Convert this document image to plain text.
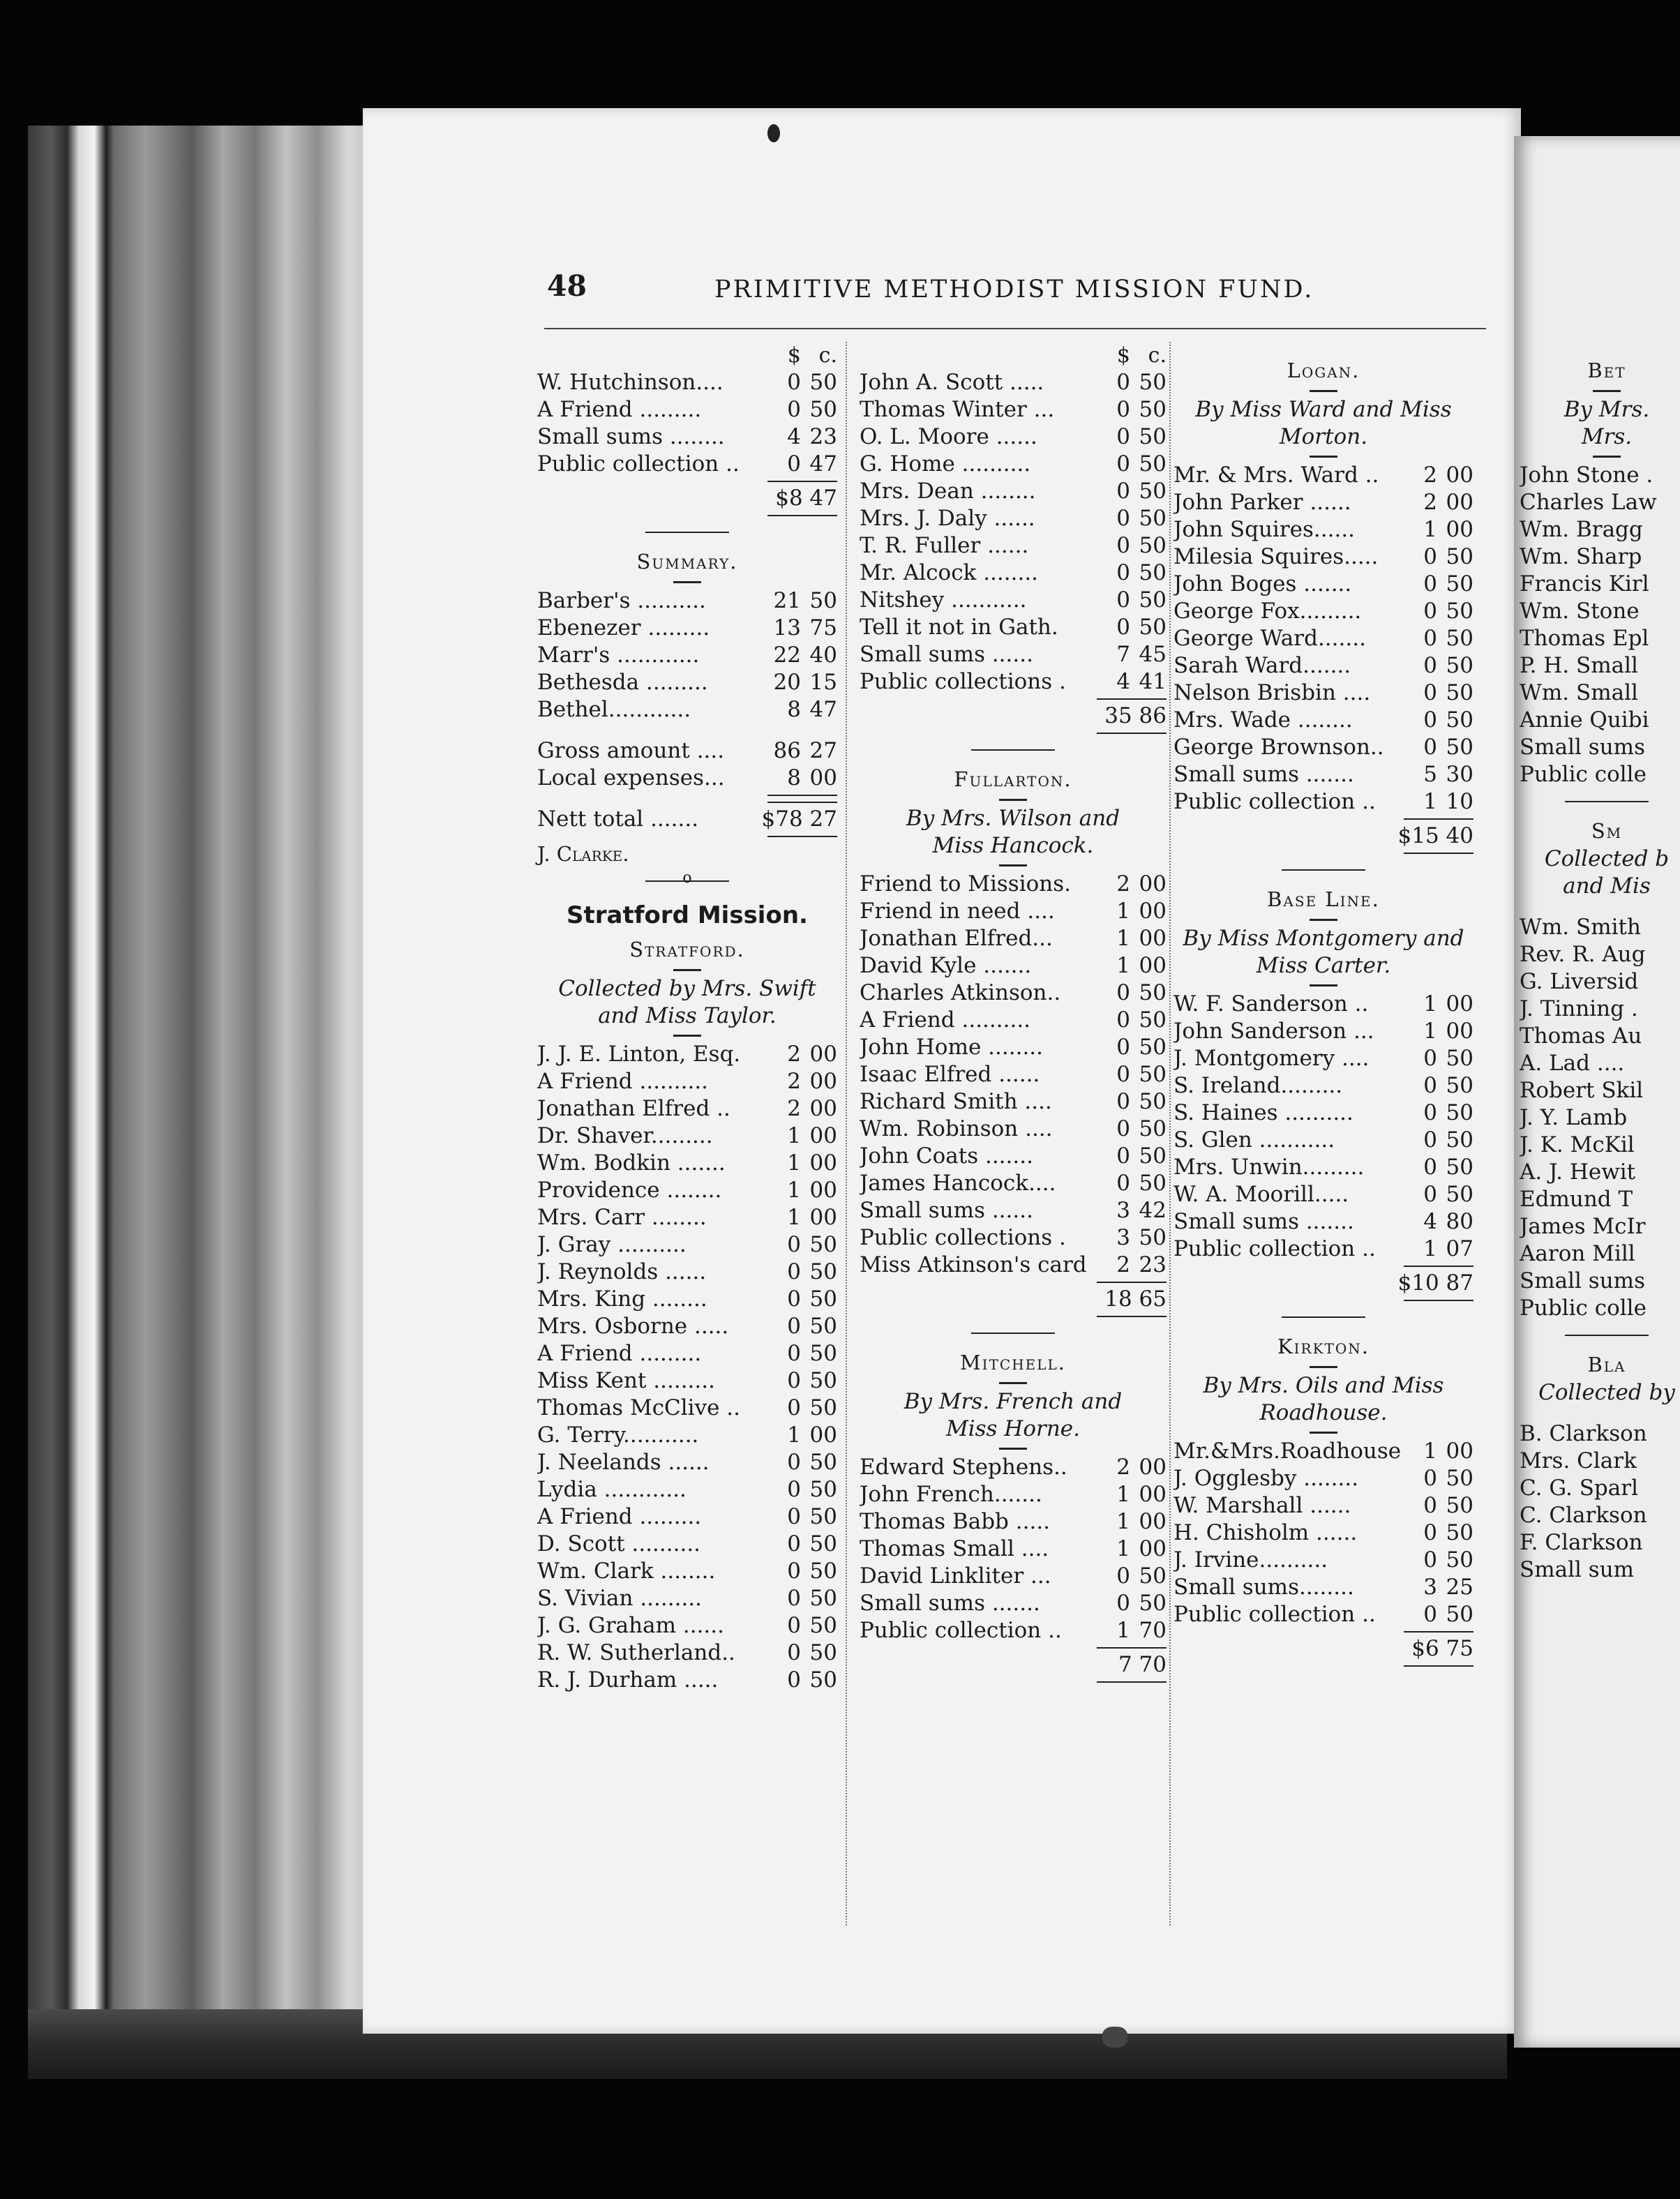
48	PRIMITIVE METHODIST MISSION FUND.
$ c.
W. Hutchinson....	0 50
A Friend .........	0 50
Small sums ........	4 23
Public collection ..	0 47
$8 47
Summary.
Barber's ..........	21 50
Ebenezer .........	13 75
Marr's ............	22 40
Bethesda .........	20 15
Bethel............	8 47
Gross amount .... 86 27
Local expenses...	8 00
Nett total .......	$78 27
J. Clarke.
o
Stratford Mission.
Stratford.
Collected by Mrs. Swift
and Miss Taylor.
J. J. E. Linton, Esq.	2 00
A Friend ..........	2 00
Jonathan Elfred ..	2 00
Dr. Shaver.........	1 00
Wm. Bodkin .......	1 00
Providence ........	1 00
Mrs. Carr ........	1 00
J. Gray ..........	0 50
J. Reynolds ......	0 50
Mrs. King ........	0 50
Mrs. Osborne .....	0 50
A Friend .........	0 50
Miss Kent .........	0 50
Thomas McClive ..	0 50
G. Terry...........	1 00
J. Neelands ......	0 50
Lydia ............	0 50
A Friend .........	0 50
D. Scott ..........	0 50
Wm. Clark ........	0 50
S. Vivian .........	0 50
J. G. Graham ......	0 50
R. W. Sutherland..	0 50
R. J. Durham .....	0 50
$ c.
John A. Scott .....	0 50
Thomas Winter ...	0 50
O. L. Moore ......	0 50
G. Home ..........	0 50
Mrs. Dean ........	0 50
Mrs. J. Daly ......	0 50
T. R. Fuller ......	0 50
Mr. Alcock ........	0 50
Nitshey ...........	0 50
Tell it not in Gath.	0 50
Small sums ......	7 45
Public collections .	4 41
35 86
Fullarton.
By Mrs. Wilson and
Miss Hancock.
Friend to Missions.	2 00
Friend in need ....	1 00
Jonathan Elfred...	1 00
David Kyle .......	1 00
Charles Atkinson..	0 50
A Friend ..........	0 50
John Home ........	0 50
Isaac Elfred ......	0 50
Richard Smith ....	0 50
Wm. Robinson ....	0 50
John Coats .......	0 50
James Hancock....	0 50
Small sums ......	3 42
Public collections .	3 50
Miss Atkinson's card	2 23
18 65
Mitchell.
By Mrs. French and
Miss Horne.
Edward Stephens..	2 00
John French.......	1 00
Thomas Babb .....	1 00
Thomas Small ....	1 00
David Linkliter ...	0 50
Small sums .......	0 50
Public collection ..	1 70
7 70
Logan.
By Miss Ward and Miss
Morton.
Mr. & Mrs. Ward ..	2 00
John Parker ......	2 00
John Squires......	1 00
Milesia Squires.....	0 50
John Boges .......	0 50
George Fox.........	0 50
George Ward.......	0 50
Sarah Ward.......	0 50
Nelson Brisbin ....	0 50
Mrs. Wade ........	0 50
George Brownson..	0 50
Small sums .......	5 30
Public collection ..	1 10
$15 40
Base Line.
By Miss Montgomery and
Miss Carter.
W. F. Sanderson ..	1 00
John Sanderson ...	1 00
J. Montgomery ....	0 50
S. Ireland.........	0 50
S. Haines ..........	0 50
S. Glen ...........	0 50
Mrs. Unwin.........	0 50
W. A. Moorill.....	0 50
Small sums .......	4 80
Public collection ..	1 07
$10 87
Kirkton.
By Mrs. Oils and Miss
Roadhouse.
Mr.&Mrs.Roadhouse	1 00
J. Ogglesby ........	0 50
W. Marshall ......	0 50
H. Chisholm ......	0 50
J. Irvine..........	0 50
Small sums........	3 25
Public collection ..	0 50
$6 75
Bet
By Mrs.
Mrs.
John Stone .
Charles Law
Wm. Bragg
Wm. Sharp
Francis Kirl
Wm. Stone
Thomas Epl
P. H. Small
Wm. Small
Annie Quibi
Small sums
Public colle
Sm
Collected b
and Mis
Wm. Smith
Rev. R. Aug
G. Liversid
J. Tinning .
Thomas Au
A. Lad ....
Robert Skil
J. Y. Lamb
J. K. McKil
A. J. Hewit
Edmund T
James McIr
Aaron Mill
Small sums
Public colle
Bla
Collected by
B. Clarkson
Mrs. Clark
C. G. Sparl
C. Clarkson
F. Clarkson
Small sum
